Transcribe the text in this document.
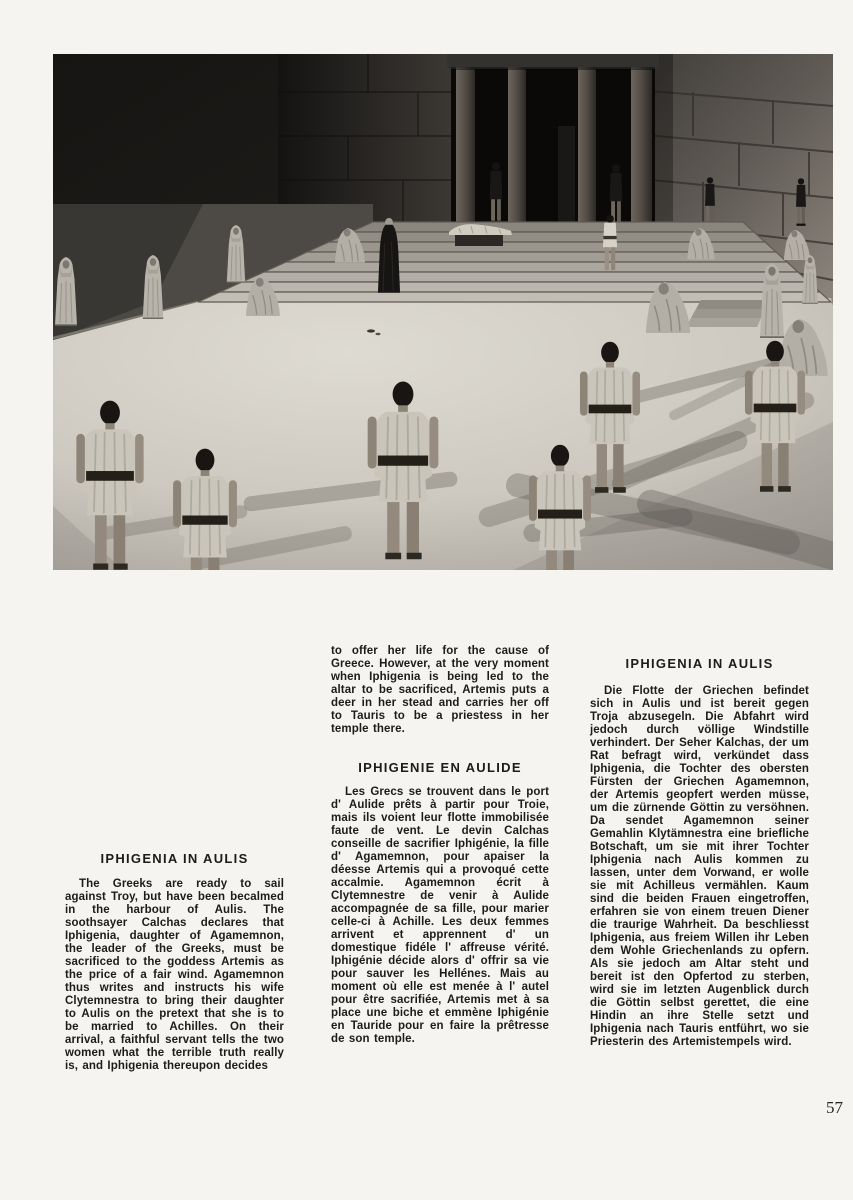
IPHIGENIA IN AULIS

The Greeks are ready to sail against Troy, but have been becalmed in the harbour of Aulis. The soothsayer Calchas declares that Iphigenia, daughter of Agamemnon, the leader of the Greeks, must be sacrificed to the goddess Artemis as the price of a fair wind. Agamemnon thus writes and instructs his wife Clytemnestra to bring their daughter to Aulis on the pretext that she is to be married to Achilles. On their arrival, a faithful servant tells the two women what the terrible truth really is, and Iphigenia thereupon decides

to offer her life for the cause of Greece. However, at the very moment when Iphigenia is being led to the altar to be sacrificed, Artemis puts a deer in her stead and carries her off to Tauris to be a priestess in her temple there.

IPHIGENIE EN AULIDE

Les Grecs se trouvent dans le port d' Aulide prêts à partir pour Troie, mais ils voient leur flotte immobilisée faute de vent. Le devin Calchas conseille de sacrifier Iphigénie, la fille d' Agamemnon, pour apaiser la déesse Artemis qui a provoqué cette accalmie. Agamemnon écrit à Clytemnestre de venir à Aulide accompagnée de sa fille, pour marier celle-ci à Achille. Les deux femmes arrivent et apprennent d' un domestique fidéle l' affreuse vérité. Iphigénie décide alors d' offrir sa vie pour sauver les Hellénes. Mais au moment où elle est menée à l' autel pour être sacrifiée, Artemis met à sa place une biche et emmène Iphigénie en Tauride pour en faire la prêtresse de son temple.

IPHIGENIA IN AULIS

Die Flotte der Griechen befindet sich in Aulis und ist bereit gegen Troja abzusegeln. Die Abfahrt wird jedoch durch völlige Windstille verhindert. Der Seher Kalchas, der um Rat befragt wird, verkündet dass Iphigenia, die Tochter des obersten Fürsten der Griechen Agamemnon, der Artemis geopfert werden müsse, um die zürnende Göttin zu versöhnen. Da sendet Agamemnon seiner Gemahlin Klytämnestra eine briefliche Botschaft, um sie mit ihrer Tochter Iphigenia nach Aulis kommen zu lassen, unter dem Vorwand, er wolle sie mit Achilleus vermählen. Kaum sind die beiden Frauen eingetroffen, erfahren sie von einem treuen Diener die traurige Wahrheit. Da beschliesst Iphigenia, aus freiem Willen ihr Leben dem Wohle Griechenlands zu opfern. Als sie jedoch am Altar steht und bereit ist den Opfertod zu sterben, wird sie im letzten Augenblick durch die Göttin selbst gerettet, die eine Hindin an ihre Stelle setzt und Iphigenia nach Tauris entführt, wo sie Priesterin des Artemistempels wird.

57
